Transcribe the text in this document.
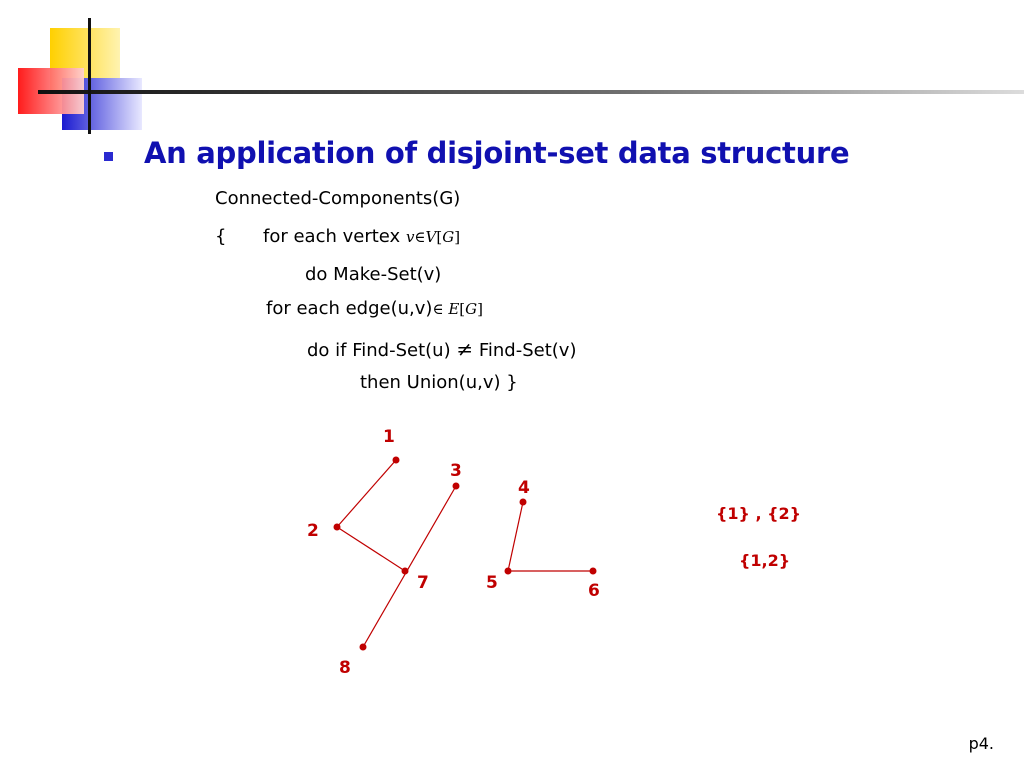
An application of disjoint-set data structure
Connected-Components(G)
{ for each vertex v∈V[G]
do Make-Set(v)
for each edge(u,v)∈ E[G]
do if Find-Set(u) ≠ Find-Set(v)
then Union(u,v) }
1
2
3
4
5	6
7
8
{1} , {2}
{1,2}
p4.
